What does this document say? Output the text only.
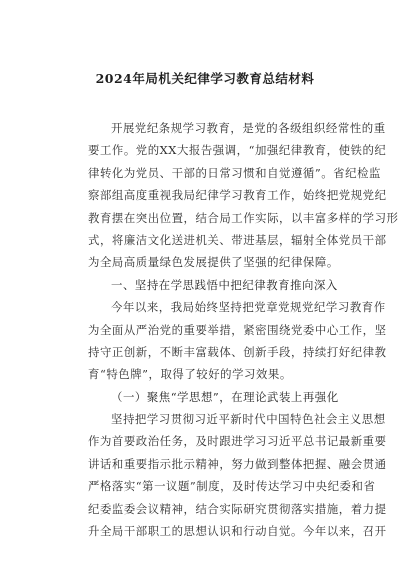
2024年局机关纪律学习教育总结材料
开展党纪条规学习教育，是党的各级组织经常性的重
要工作。党的XX大报告强调，“加强纪律教育，使铁的纪
律转化为党员、干部的日常习惯和自觉遵循”。省纪检监
察部组高度重视我局纪律学习教育工作，始终把党规党纪
教育摆在突出位置，结合局工作实际，以丰富多样的学习形
式，将廉洁文化送进机关、带进基层，辐射全体党员干部
为全局高质量绿色发展提供了坚强的纪律保障。
一、坚持在学思践悟中把纪律教育推向深入
今年以来，我局始终坚持把党章党规党纪学习教育作
为全面从严治党的重要举措，紧密围绕党委中心工作，坚
持守正创新，不断丰富载体、创新手段，持续打好纪律教
育“特色牌”，取得了较好的学习效果。
（一）聚焦“学思想”，在理论武装上再强化
坚持把学习贯彻习近平新时代中国特色社会主义思想
作为首要政治任务，及时跟进学习习近平总书记最新重要
讲话和重要指示批示精神，努力做到整体把握、融会贯通
严格落实“第一议题”制度，及时传达学习中央纪委和省
纪委监委会议精神，结合实际研究贯彻落实措施，着力提
升全局干部职工的思想认识和行动自觉。今年以来，召开
